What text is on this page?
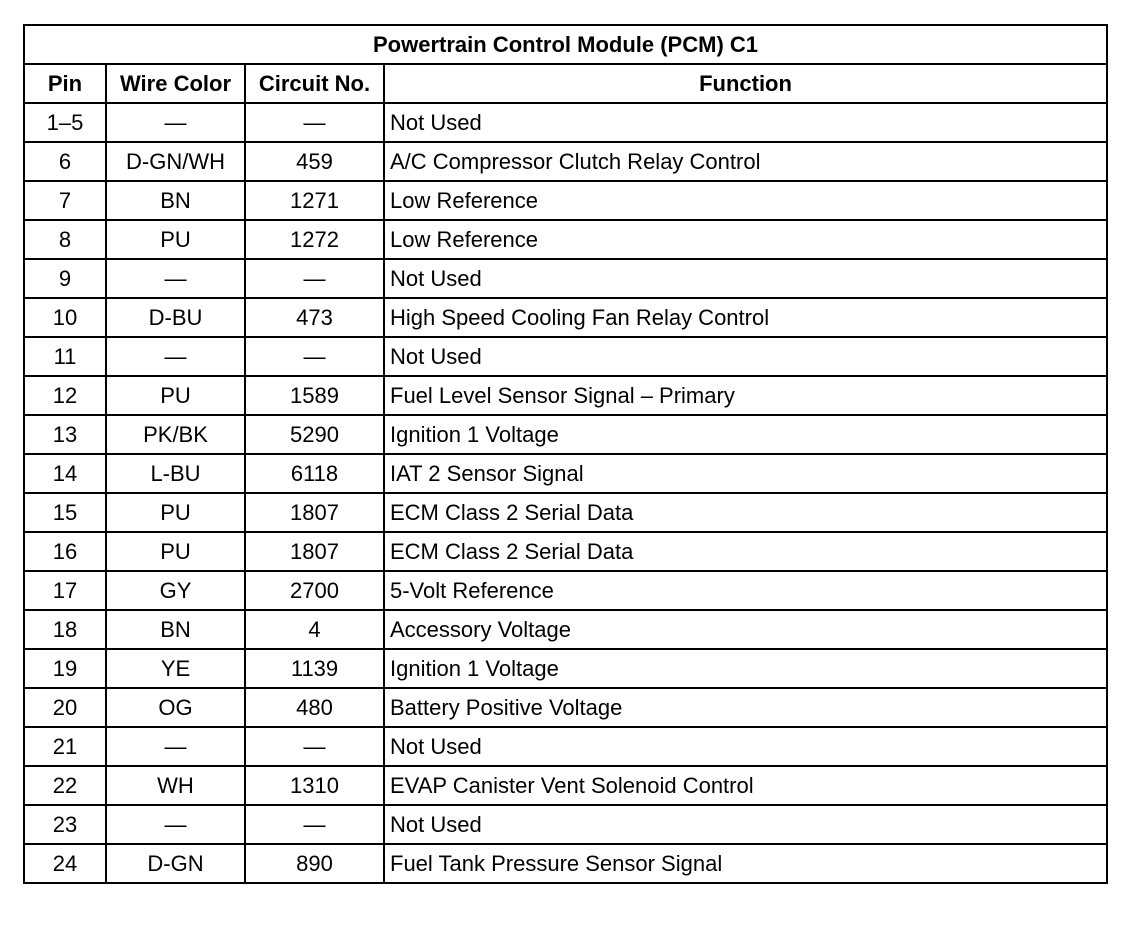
Powertrain Control Module (PCM) C1			
Pin	Wire Color	Circuit No.	Function
1–5	—	—	Not Used
6	D-GN/WH	459	A/C Compressor Clutch Relay Control
7	BN	1271	Low Reference
8	PU	1272	Low Reference
9	—	—	Not Used
10	D-BU	473	High Speed Cooling Fan Relay Control
11	—	—	Not Used
12	PU	1589	Fuel Level Sensor Signal – Primary
13	PK/BK	5290	Ignition 1 Voltage
14	L-BU	6118	IAT 2 Sensor Signal
15	PU	1807	ECM Class 2 Serial Data
16	PU	1807	ECM Class 2 Serial Data
17	GY	2700	5-Volt Reference
18	BN	4	Accessory Voltage
19	YE	1139	Ignition 1 Voltage
20	OG	480	Battery Positive Voltage
21	—	—	Not Used
22	WH	1310	EVAP Canister Vent Solenoid Control
23	—	—	Not Used
24	D-GN	890	Fuel Tank Pressure Sensor Signal
